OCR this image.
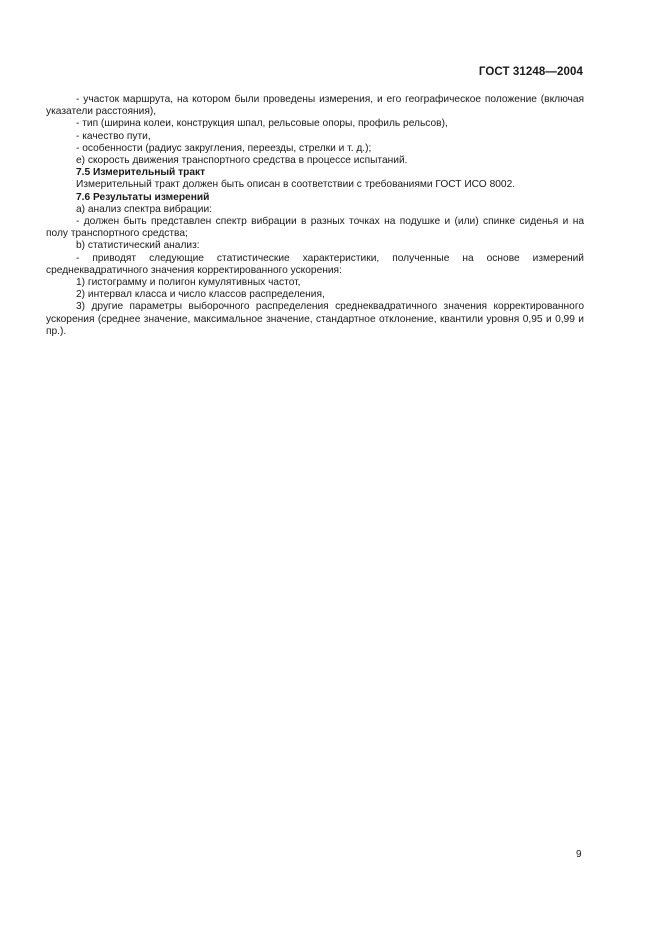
ГОСТ 31248—2004

- участок маршрута, на котором были проведены измерения, и его географическое положение (включая указатели расстояния),

- тип (ширина колеи, конструкция шпал, рельсовые опоры, профиль рельсов),

- качество пути,

- особенности (радиус закругления, переезды, стрелки и т. д.);

е) скорость движения транспортного средства в процессе испытаний.

7.5 Измерительный тракт

Измерительный тракт должен быть описан в соответствии с требованиями ГОСТ ИСО 8002.

7.6 Результаты измерений

а) анализ спектра вибрации:

- должен быть представлен спектр вибрации в разных точках на подушке и (или) спинке сиденья и на полу транспортного средства;

b) статистический анализ:

- приводят следующие статистические характеристики, полученные на основе измерений среднеквадратичного значения корректированного ускорения:

1) гистограмму и полигон кумулятивных частот,

2) интервал класса и число классов распределения,

3) другие параметры выборочного распределения среднеквадратичного значения корректированного ускорения (среднее значение, максимальное значение, стандартное отклонение, квантили уровня 0,95 и 0,99 и пр.).

9
